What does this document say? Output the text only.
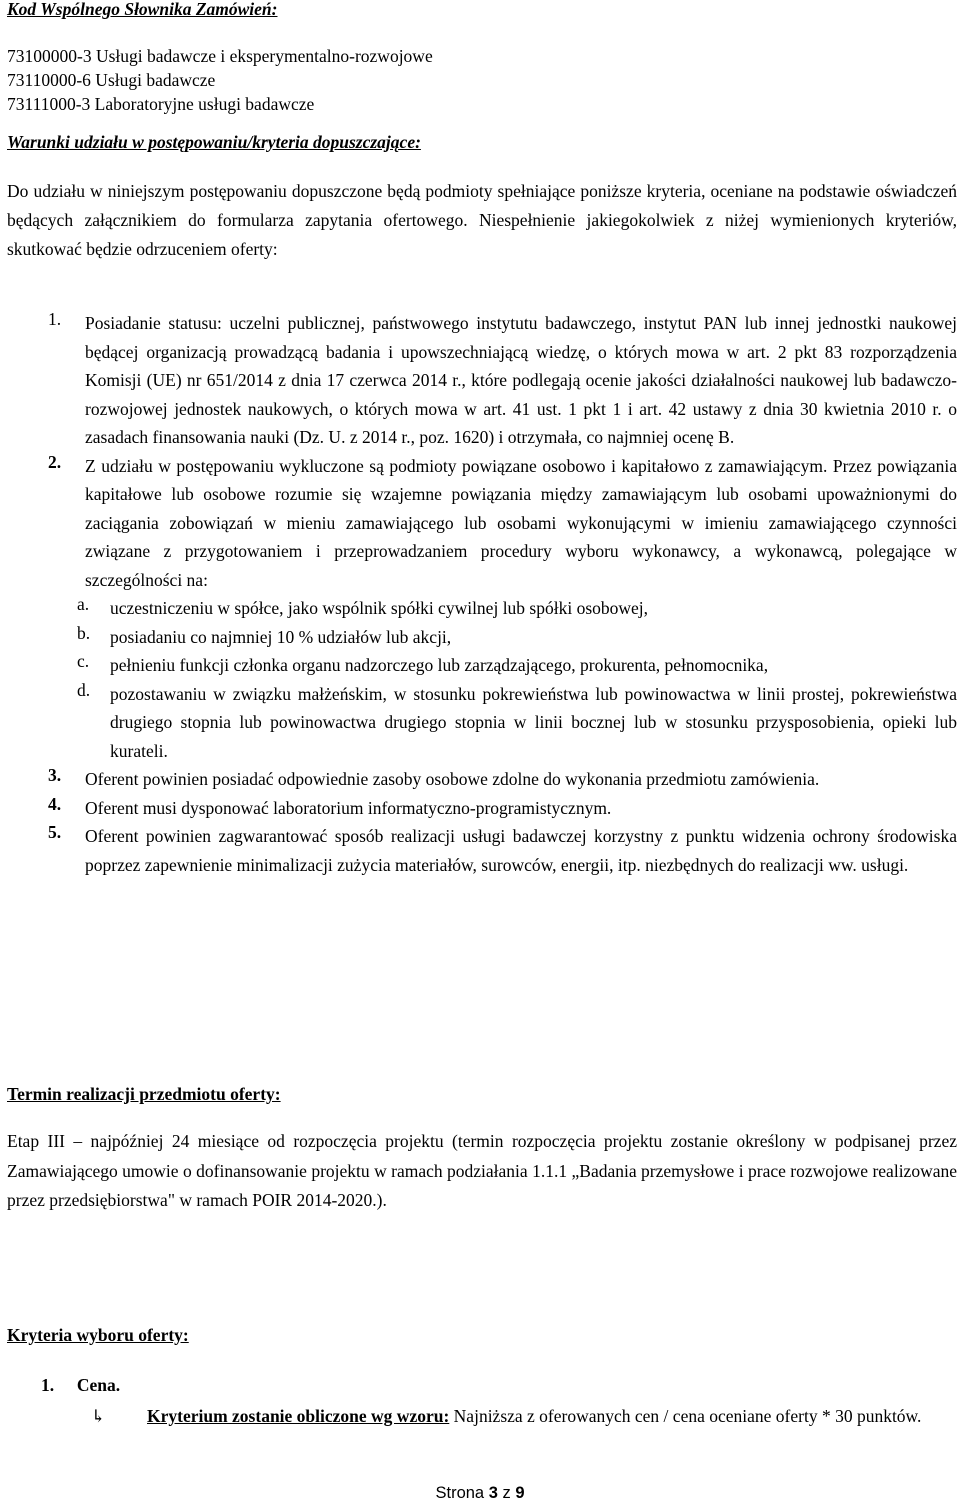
Kod Wspólnego Słownika Zamówień:
73100000-3 Usługi badawcze i eksperymentalno-rozwojowe
73110000-6 Usługi badawcze
73111000-3 Laboratoryjne usługi badawcze
Warunki udziału w postępowaniu/kryteria dopuszczające:
Do udziału w niniejszym postępowaniu dopuszczone będą podmioty spełniające poniższe kryteria, oceniane na podstawie oświadczeń będących załącznikiem do formularza zapytania ofertowego. Niespełnienie jakiegokolwiek z niżej wymienionych kryteriów, skutkować będzie odrzuceniem oferty:
1.	Posiadanie statusu: uczelni publicznej, państwowego instytutu badawczego, instytut PAN lub innej jednostki naukowej będącej organizacją prowadzącą badania i upowszechniającą wiedzę, o których mowa w art. 2 pkt 83 rozporządzenia Komisji (UE) nr 651/2014 z dnia 17 czerwca 2014 r., które podlegają ocenie jakości działalności naukowej lub badawczo-rozwojowej jednostek naukowych, o których mowa w art. 41 ust. 1 pkt 1 i art. 42 ustawy z dnia 30 kwietnia 2010 r. o zasadach finansowania nauki (Dz. U. z 2014 r., poz. 1620) i otrzymała, co najmniej ocenę B.
2.	Z udziału w postępowaniu wykluczone są podmioty powiązane osobowo i kapitałowo z zamawiającym. Przez powiązania kapitałowe lub osobowe rozumie się wzajemne powiązania między zamawiającym lub osobami upoważnionymi do zaciągania zobowiązań w mieniu zamawiającego lub osobami wykonującymi w imieniu zamawiającego czynności związane z przygotowaniem i przeprowadzaniem procedury wyboru wykonawcy, a wykonawcą, polegające w szczególności na:
a.	uczestniczeniu w spółce, jako wspólnik spółki cywilnej lub spółki osobowej,
b.	posiadaniu co najmniej 10 % udziałów lub akcji,
c.	pełnieniu funkcji członka organu nadzorczego lub zarządzającego, prokurenta, pełnomocnika,
d.	pozostawaniu w związku małżeńskim, w stosunku pokrewieństwa lub powinowactwa w linii prostej, pokrewieństwa drugiego stopnia lub powinowactwa drugiego stopnia w linii bocznej lub w stosunku przysposobienia, opieki lub kurateli.
3.	Oferent powinien posiadać odpowiednie zasoby osobowe zdolne do wykonania przedmiotu zamówienia.
4.	Oferent musi dysponować laboratorium informatyczno-programistycznym.
5.	Oferent powinien zagwarantować sposób realizacji usługi badawczej korzystny z punktu widzenia ochrony środowiska poprzez zapewnienie minimalizacji zużycia materiałów, surowców, energii, itp. niezbędnych do realizacji ww. usługi.
Termin realizacji przedmiotu oferty:
Etap III – najpóźniej 24 miesiące od rozpoczęcia projektu (termin rozpoczęcia projektu zostanie określony w podpisanej przez Zamawiającego umowie o dofinansowanie projektu w ramach podziałania 1.1.1 „Badania przemysłowe i prace rozwojowe realizowane przez przedsiębiorstwa" w ramach POIR 2014-2020.).
Kryteria wyboru oferty:
1. Cena.
↳	Kryterium zostanie obliczone wg wzoru: Najniższa z oferowanych cen / cena oceniane oferty * 30 punktów.
Strona 3 z 9
